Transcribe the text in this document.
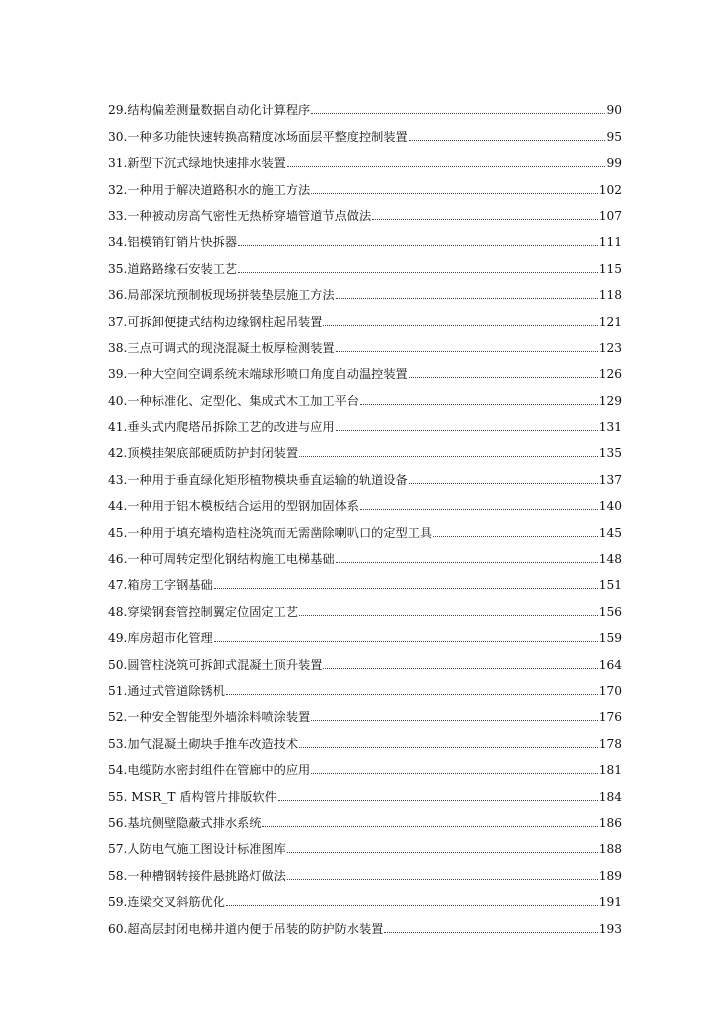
29.结构偏差测量数据自动化计算程序	90
30.一种多功能快速转换高精度冰场面层平整度控制装置	95
31.新型下沉式绿地快速排水装置	99
32.一种用于解决道路积水的施工方法	102
33.一种被动房高气密性无热桥穿墙管道节点做法	107
34.铝模销钉销片快拆器	111
35.道路路缘石安装工艺	115
36.局部深坑预制板现场拼装垫层施工方法	118
37.可拆卸便捷式结构边缘钢柱起吊装置	121
38.三点可调式的现浇混凝土板厚检测装置	123
39.一种大空间空调系统末端球形喷口角度自动温控装置	126
40.一种标准化、定型化、集成式木工加工平台	129
41.垂头式内爬塔吊拆除工艺的改进与应用	131
42.顶模挂架底部硬质防护封闭装置	135
43.一种用于垂直绿化矩形植物模块垂直运输的轨道设备	137
44.一种用于铝木模板结合运用的型钢加固体系	140
45.一种用于填充墙构造柱浇筑而无需凿除喇叭口的定型工具	145
46.一种可周转定型化钢结构施工电梯基础	148
47.箱房工字钢基础	151
48.穿梁钢套管控制翼定位固定工艺	156
49.库房超市化管理	159
50.圆管柱浇筑可拆卸式混凝土顶升装置	164
51.通过式管道除锈机	170
52.一种安全智能型外墙涂料喷涂装置	176
53.加气混凝土砌块手推车改造技术	178
54.电缆防水密封组件在管廊中的应用	181
55. MSR_T 盾构管片排版软件	184
56.基坑侧壁隐蔽式排水系统	186
57.人防电气施工图设计标准图库	188
58.一种槽钢转接件悬挑路灯做法	189
59.连梁交叉斜筋优化	191
60.超高层封闭电梯井道内便于吊装的防护防水装置	193
